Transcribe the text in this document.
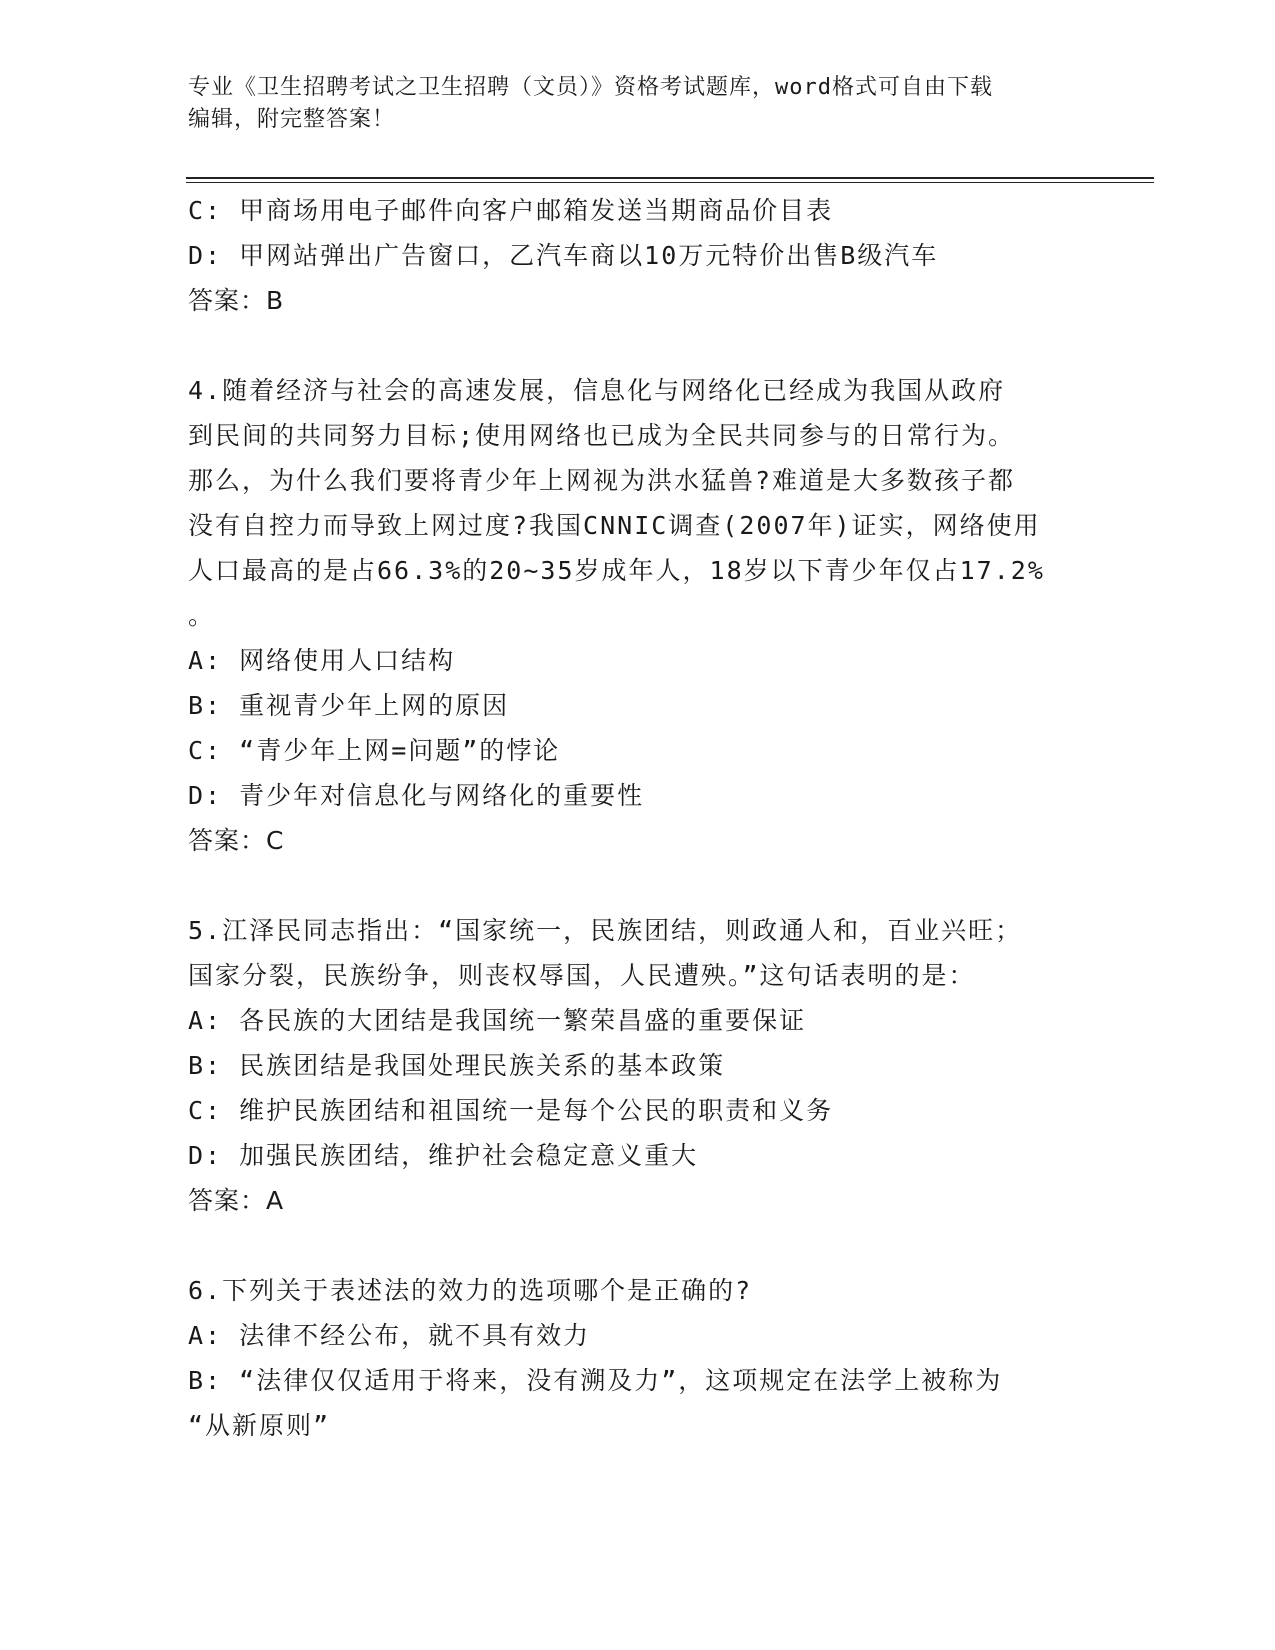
专业《卫生招聘考试之卫生招聘（文员）》资格考试题库，word格式可自由下载
编辑，附完整答案！
C: 甲商场用电子邮件向客户邮箱发送当期商品价目表
D: 甲网站弹出广告窗口，乙汽车商以10万元特价出售B级汽车
答案：B
4.随着经济与社会的高速发展，信息化与网络化已经成为我国从政府
到民间的共同努力目标;使用网络也已成为全民共同参与的日常行为。
那么，为什么我们要将青少年上网视为洪水猛兽?难道是大多数孩子都
没有自控力而导致上网过度?我国CNNIC调查(2007年)证实，网络使用
人口最高的是占66.3%的20~35岁成年人，18岁以下青少年仅占17.2%
。
A: 网络使用人口结构
B: 重视青少年上网的原因
C: “青少年上网=问题”的悖论
D: 青少年对信息化与网络化的重要性
答案：C
5.江泽民同志指出：“国家统一，民族团结，则政通人和，百业兴旺；
国家分裂，民族纷争，则丧权辱国，人民遭殃。”这句话表明的是：
A: 各民族的大团结是我国统一繁荣昌盛的重要保证
B: 民族团结是我国处理民族关系的基本政策
C: 维护民族团结和祖国统一是每个公民的职责和义务
D: 加强民族团结，维护社会稳定意义重大
答案：A
6.下列关于表述法的效力的选项哪个是正确的?
A: 法律不经公布，就不具有效力
B: “法律仅仅适用于将来，没有溯及力”，这项规定在法学上被称为
“从新原则”
